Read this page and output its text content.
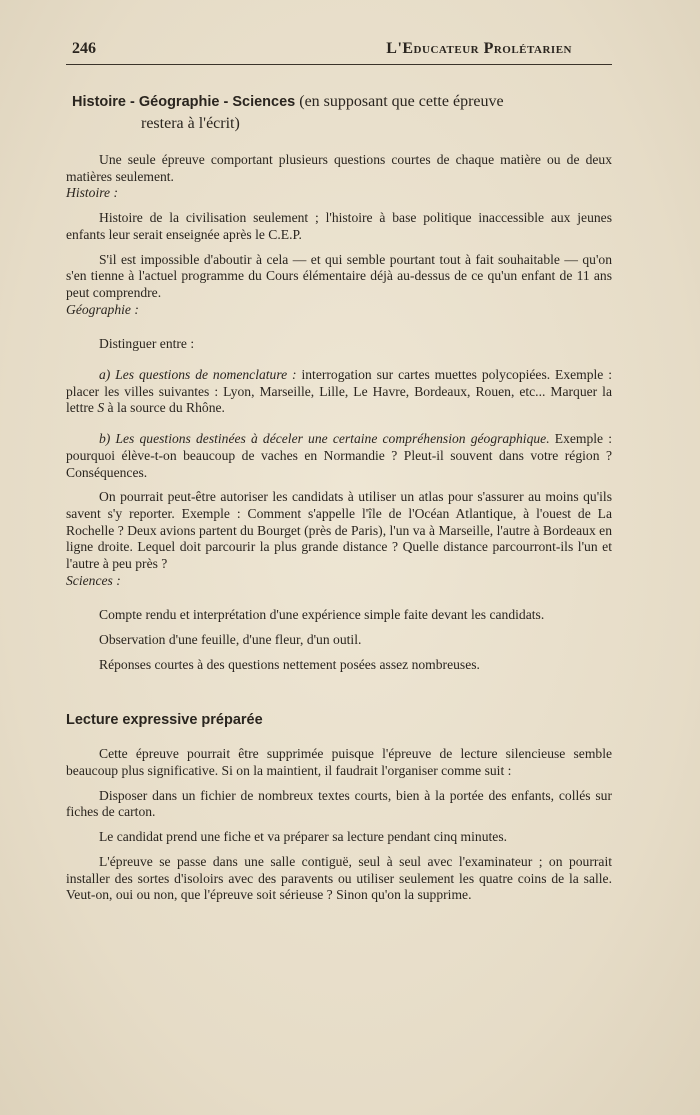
246	L'Educateur Prolétarien
Histoire - Géographie - Sciences (en supposant que cette épreuve
restera à l'écrit)

Une seule épreuve comportant plusieurs questions courtes de chaque matière ou de deux matières seulement.

Histoire :

Histoire de la civilisation seulement ; l'histoire à base politique inaccessible aux jeunes enfants leur serait enseignée après le C.E.P.

S'il est impossible d'aboutir à cela — et qui semble pourtant tout à fait souhaitable — qu'on s'en tienne à l'actuel programme du Cours élémentaire déjà au-dessus de ce qu'un enfant de 11 ans peut comprendre.

Géographie :

Distinguer entre :

a) Les questions de nomenclature : interrogation sur cartes muettes polycopiées. Exemple : placer les villes suivantes : Lyon, Marseille, Lille, Le Havre, Bordeaux, Rouen, etc... Marquer la lettre S à la source du Rhône.

b) Les questions destinées à déceler une certaine compréhension géographique. Exemple : pourquoi élève-t-on beaucoup de vaches en Normandie ? Pleut-il souvent dans votre région ? Conséquences.

On pourrait peut-être autoriser les candidats à utiliser un atlas pour s'assurer au moins qu'ils savent s'y reporter. Exemple : Comment s'appelle l'île de l'Océan Atlantique, à l'ouest de La Rochelle ? Deux avions partent du Bourget (près de Paris), l'un va à Marseille, l'autre à Bordeaux en ligne droite. Lequel doit parcourir la plus grande distance ? Quelle distance parcourront-ils l'un et l'autre à peu près ?

Sciences :

Compte rendu et interprétation d'une expérience simple faite devant les candidats.

Observation d'une feuille, d'une fleur, d'un outil.

Réponses courtes à des questions nettement posées assez nombreuses.

Lecture expressive préparée

Cette épreuve pourrait être supprimée puisque l'épreuve de lecture silencieuse semble beaucoup plus significative. Si on la maintient, il faudrait l'organiser comme suit :

Disposer dans un fichier de nombreux textes courts, bien à la portée des enfants, collés sur fiches de carton.

Le candidat prend une fiche et va préparer sa lecture pendant cinq minutes.

L'épreuve se passe dans une salle contiguë, seul à seul avec l'examinateur ; on pourrait installer des sortes d'isoloirs avec des paravents ou utiliser seulement les quatre coins de la salle. Veut-on, oui ou non, que l'épreuve soit sérieuse ? Sinon qu'on la supprime.
